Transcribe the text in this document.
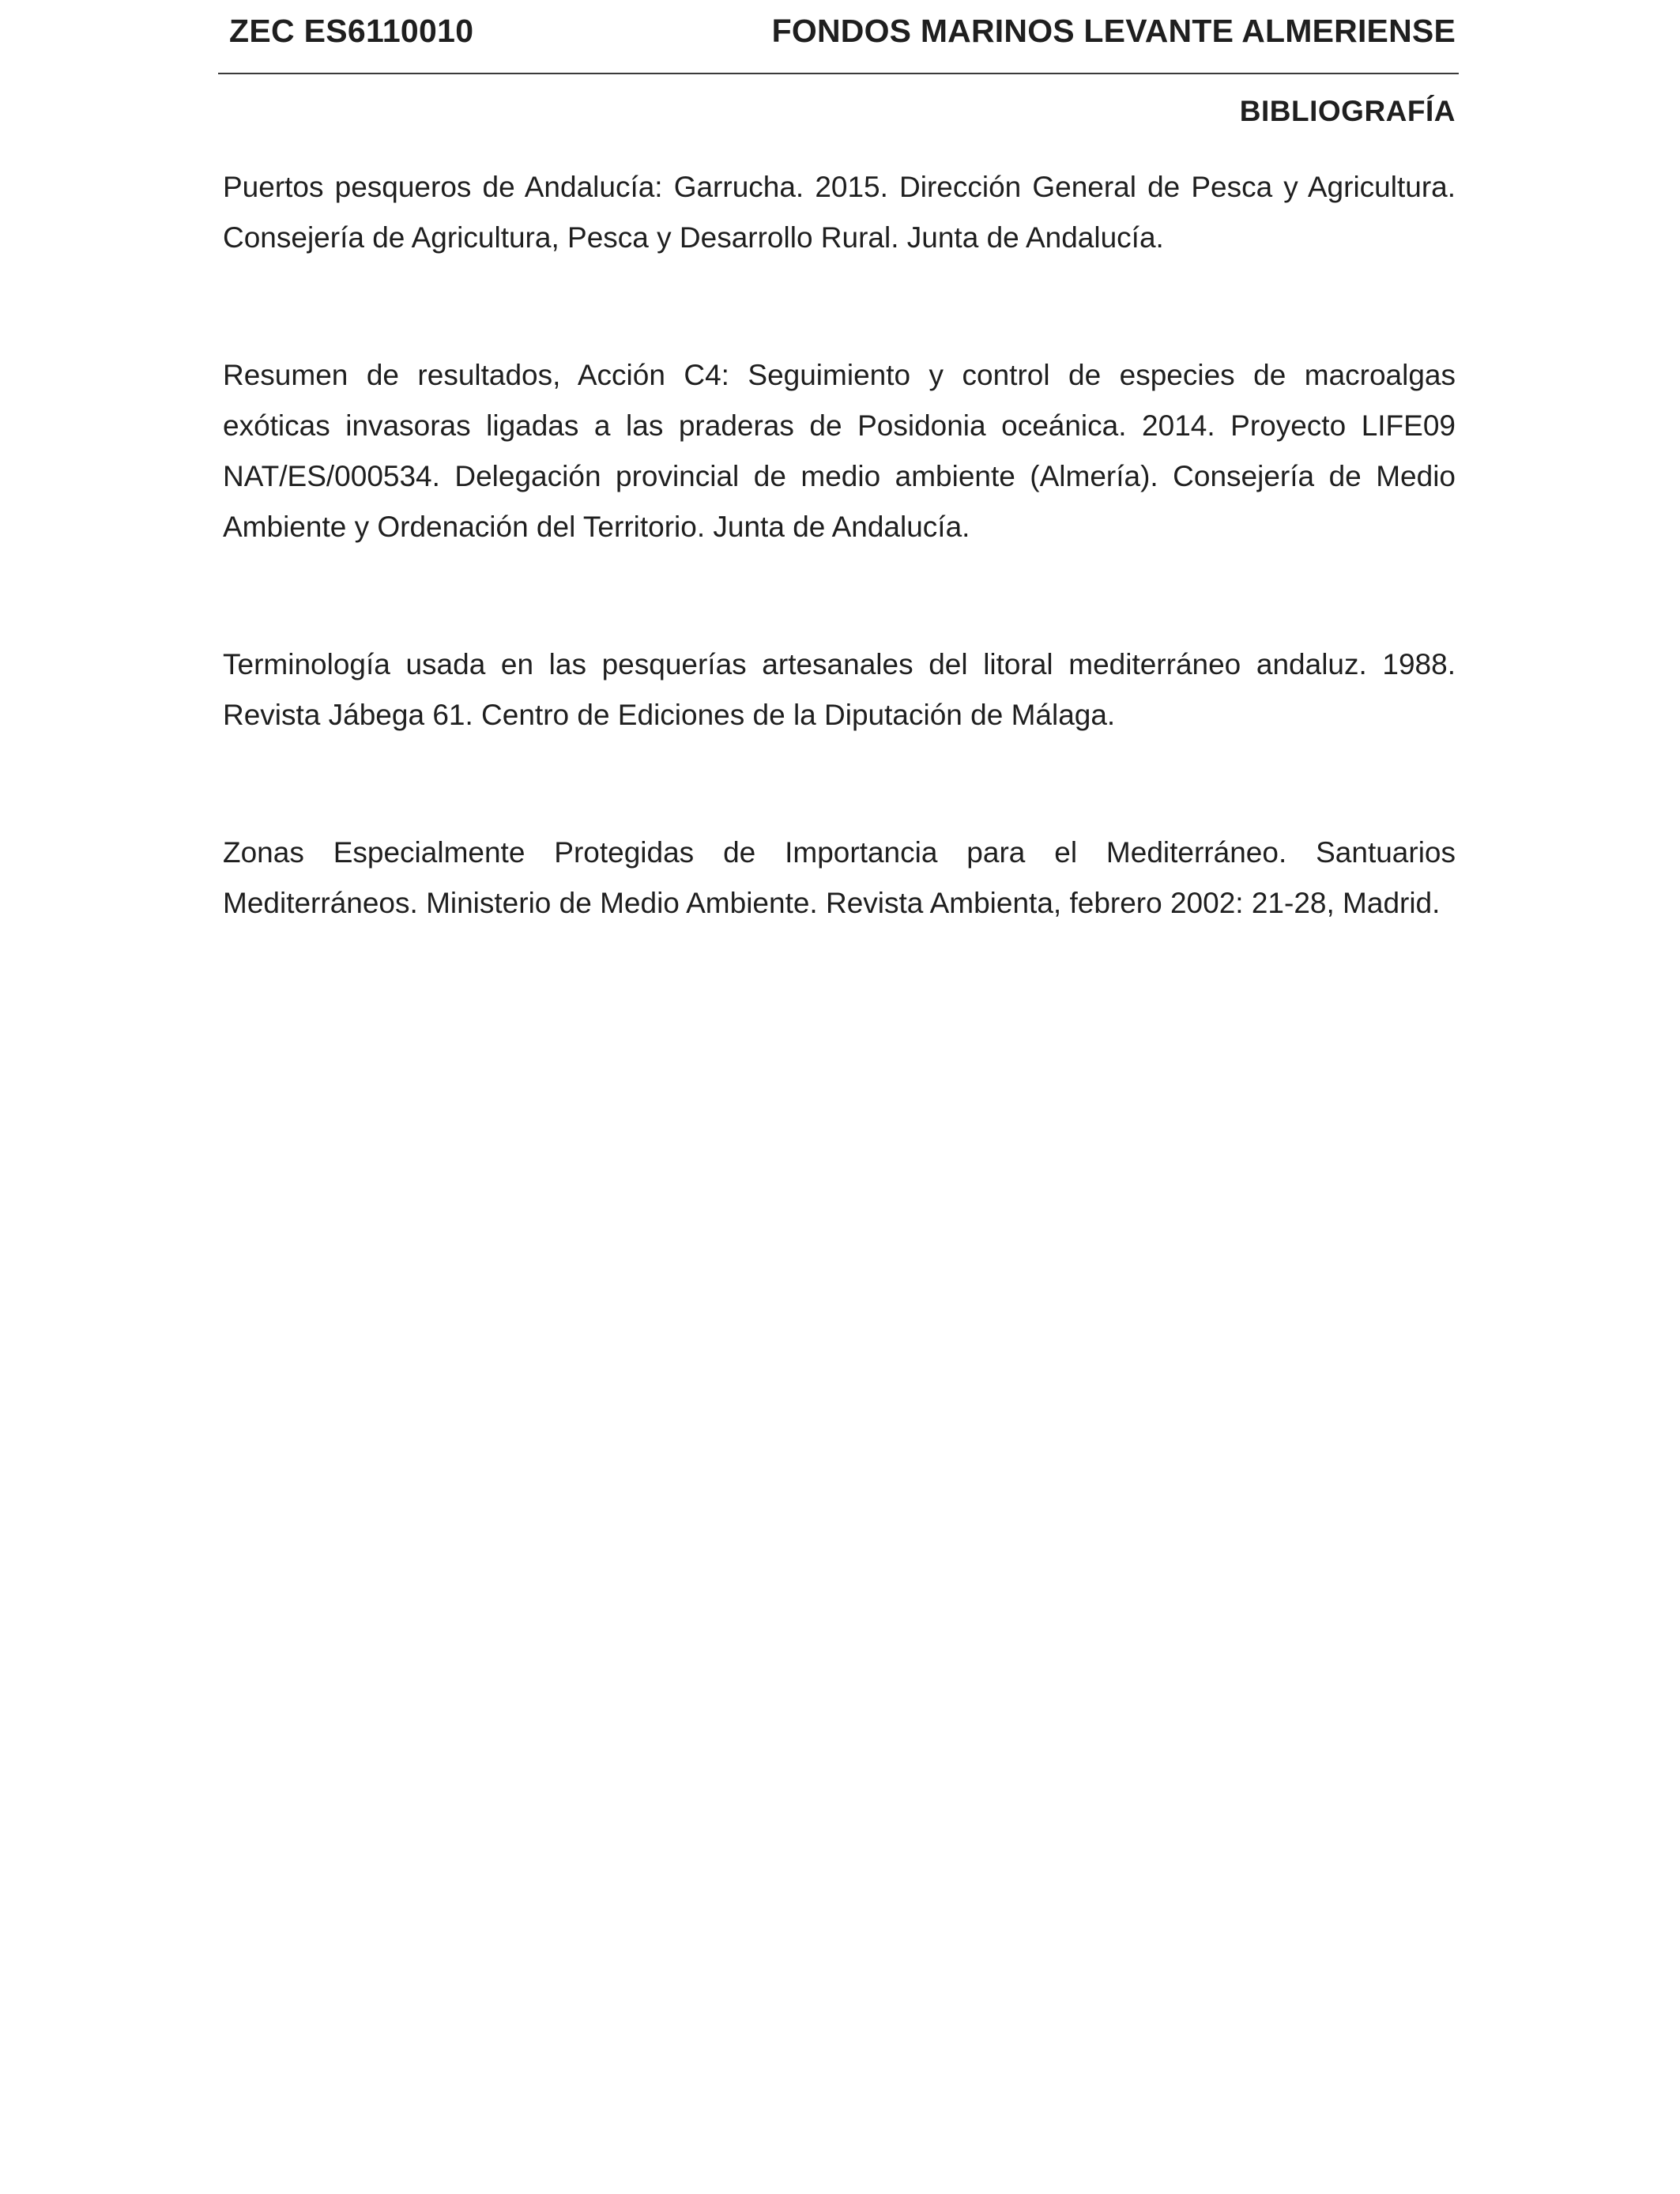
ZEC ES6110010	FONDOS MARINOS LEVANTE ALMERIENSE
BIBLIOGRAFÍA

Puertos pesqueros de Andalucía: Garrucha. 2015. Dirección General de Pesca y Agricultura. Consejería de Agricultura, Pesca y Desarrollo Rural. Junta de Andalucía.

Resumen de resultados, Acción C4: Seguimiento y control de especies de macroalgas exóticas invasoras ligadas a las praderas de Posidonia oceánica. 2014. Proyecto LIFE09 NAT/ES/000534. Delegación provincial de medio ambiente (Almería). Consejería de Medio Ambiente y Ordenación del Territorio. Junta de Andalucía.

Terminología usada en las pesquerías artesanales del litoral mediterráneo andaluz. 1988. Revista Jábega 61. Centro de Ediciones de la Diputación de Málaga.

Zonas Especialmente Protegidas de Importancia para el Mediterráneo. Santuarios Mediterráneos. Ministerio de Medio Ambiente. Revista Ambienta, febrero 2002: 21-28, Madrid.
